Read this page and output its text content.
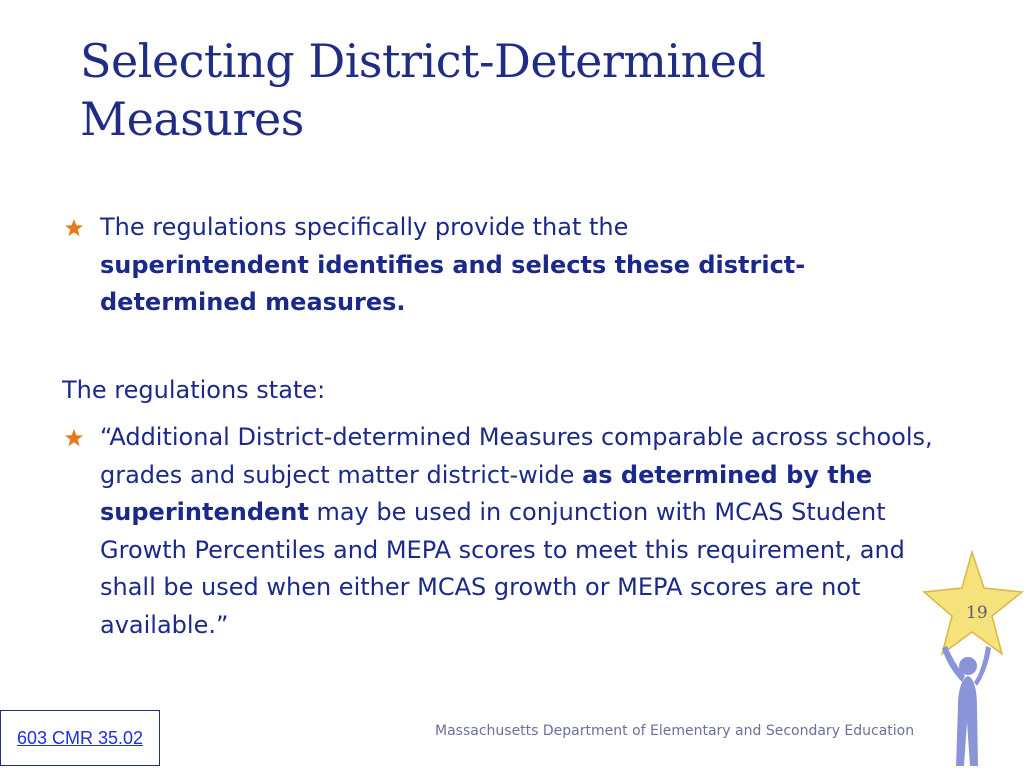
Selecting District-Determined Measures
The regulations specifically provide that the
superintendent identifies and selects these district-determined measures.
The regulations state:
“Additional District-determined Measures comparable across schools, grades and subject matter district-wide as determined by the superintendent may be used in conjunction with MCAS Student Growth Percentiles and MEPA scores to meet this requirement, and shall be used when either MCAS growth or MEPA scores are not available.”
603 CMR 35.02	Massachusetts Department of Elementary and Secondary Education
19
